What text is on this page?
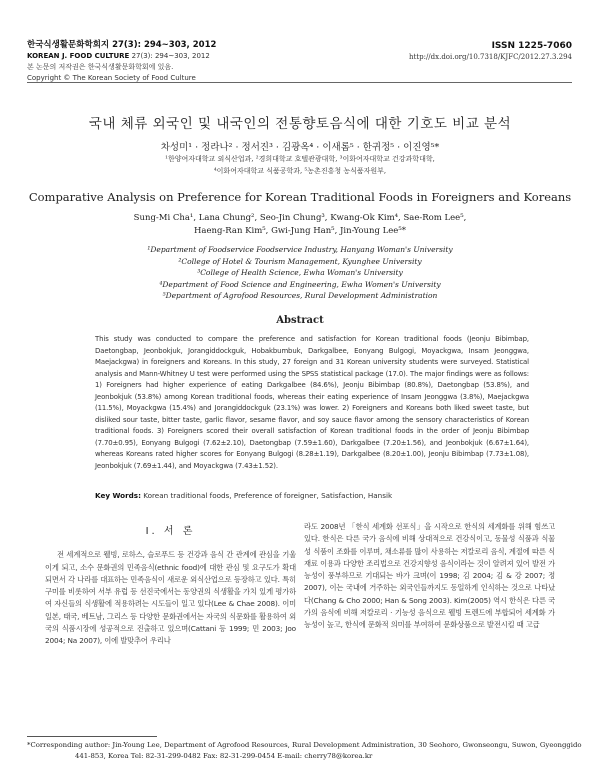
한국식생활문화학회지 27(3): 294~303, 2012
KOREAN J. FOOD CULTURE 27(3): 294~303, 2012
본 논문의 저작권은 한국식생활문화학회에 있음.
Copyright © The Korean Society of Food Culture
ISSN 1225-7060
http://dx.doi.org/10.7318/KJFC/2012.27.3.294
국내 체류 외국인 및 내국인의 전통향토음식에 대한 기호도 비교 분석
차성미¹ · 정라나² · 정서진³ · 김광옥⁴ · 이새롬⁵ · 한귀정⁵ · 이진영⁵*
¹한양여자대학교 외식산업과, ²경희대학교 호텔관광대학, ³이화여자대학교 건강과학대학,
⁴이화여자대학교 식품공학과, ⁵농촌진흥청 농식품자원부,
Comparative Analysis on Preference for Korean Traditional Foods in Foreigners and Koreans
Sung-Mi Cha¹, Lana Chung², Seo-Jin Chung³, Kwang-Ok Kim⁴, Sae-Rom Lee⁵,
Haeng-Ran Kim⁵, Gwi-Jung Han⁵, Jin-Young Lee⁵*
¹Department of Foodservice Foodservice Industry, Hanyang Woman's University
²College of Hotel & Tourism Management, Kyunghee University
³College of Health Science, Ewha Woman's University
⁴Department of Food Science and Engineering, Ewha Women's University
⁵Department of Agrofood Resources, Rural Development Administration
Abstract
This study was conducted to compare the preference and satisfaction for Korean traditional foods (Jeonju Bibimbap, Daetongbap, Jeonbokjuk, Jorangiddockguk, Hobakbumbuk, Darkgalbee, Eonyang Bulgogi, Moyackgwa, Insam Jeonggwa, Maejackgwa) in foreigners and Koreans. In this study, 27 foreign and 31 Korean university students were surveyed. Statistical analysis and Mann-Whitney U test were performed using the SPSS statistical package (17.0). The major findings were as follows: 1) Foreigners had higher experience of eating Darkgalbee (84.6%), Jeonju Bibimbap (80.8%), Daetongbap (53.8%), and Jeonbokjuk (53.8%) among Korean traditional foods, whereas their eating experience of Insam Jeonggwa (3.8%), Maejackgwa (11.5%), Moyackgwa (15.4%) and Jorangiddockguk (23.1%) was lower. 2) Foreigners and Koreans both liked sweet taste, but disliked sour taste, bitter taste, garlic flavor, sesame flavor, and soy sauce flavor among the sensory characteristics of Korean traditional foods. 3) Foreigners scored their overall satisfaction of Korean traditional foods in the order of Jeonju Bibimbap (7.70±0.95), Eonyang Bulgogi (7.62±2.10), Daetongbap (7.59±1.60), Darkgalbee (7.20±1.56), and Jeonbokjuk (6.67±1.64), whereas Koreans rated higher scores for Eonyang Bulgogi (8.28±1.19), Darkgalbee (8.20±1.00), Jeonju Bibimbap (7.73±1.08), Jeonbokjuk (7.69±1.44), and Moyackgwa (7.43±1.52).
Key Words: Korean traditional foods, Preference of foreigner, Satisfaction, Hansik
I. 서 론

전 세계적으로 웰빙, 로하스, 슬로푸드 등 건강과 음식 간 관계에 관심을 기울이게 되고, 소수 문화권의 민족음식(ethnic food)에 대한 관심 및 요구도가 확대되면서 각 나라를 대표하는 민족음식이 새로운 외식산업으로 등장하고 있다. 특히 구미를 비롯하여 서부 유럽 등 선진국에서는 동양권의 식생활을 가치 있게 평가하여 자신들의 식생활에 적용하려는 시도들이 일고 있다(Lee & Chae 2008). 이미 일본, 태국, 베트남, 그리스 등 다양한 문화권에서는 자국의 식문화를 활용하여 외국의 식품시장에 성공적으로 진출하고 있으며(Cattani 등 1999; 민 2003; Joo 2004; Na 2007), 이에 발맞추어 우리나

라도 2008년 「한식 세계화 선포식」을 시작으로 한식의 세계화를 위해 힘쓰고 있다. 한식은 다른 국가 음식에 비해 상대적으로 건강식이고, 동물성 식품과 식물성 식품이 조화를 이루며, 채소류를 많이 사용하는 저칼로리 음식, 계절에 따른 식재료 이용과 다양한 조리법으로 건강지향성 음식이라는 것이 알려져 있어 발전 가능성이 풍부하므로 기대되는 바가 크며(이 1998; 김 2004; 김 & 강 2007; 정 2007), 이는 국내에 거주하는 외국인들까지도 동일하게 인식하는 것으로 나타났다(Chang & Cho 2000; Han & Song 2003). Kim(2005) 역시 한식은 다른 국가의 음식에 비해 저칼로리 · 기능성 음식으로 웰빙 트렌드에 부합되어 세계화 가능성이 높고, 한식에 문화적 의미를 부여하여 문화상품으로 발전시킬 때 고급

*Corresponding author: Jin-Young Lee, Department of Agrofood Resources, Rural Development Administration, 30 Seohoro, Gwonseongu, Suwon, Gyeonggido
441-853, Korea Tel: 82-31-299-0482 Fax: 82-31-299-0454 E-mail: cherry78@korea.kr
